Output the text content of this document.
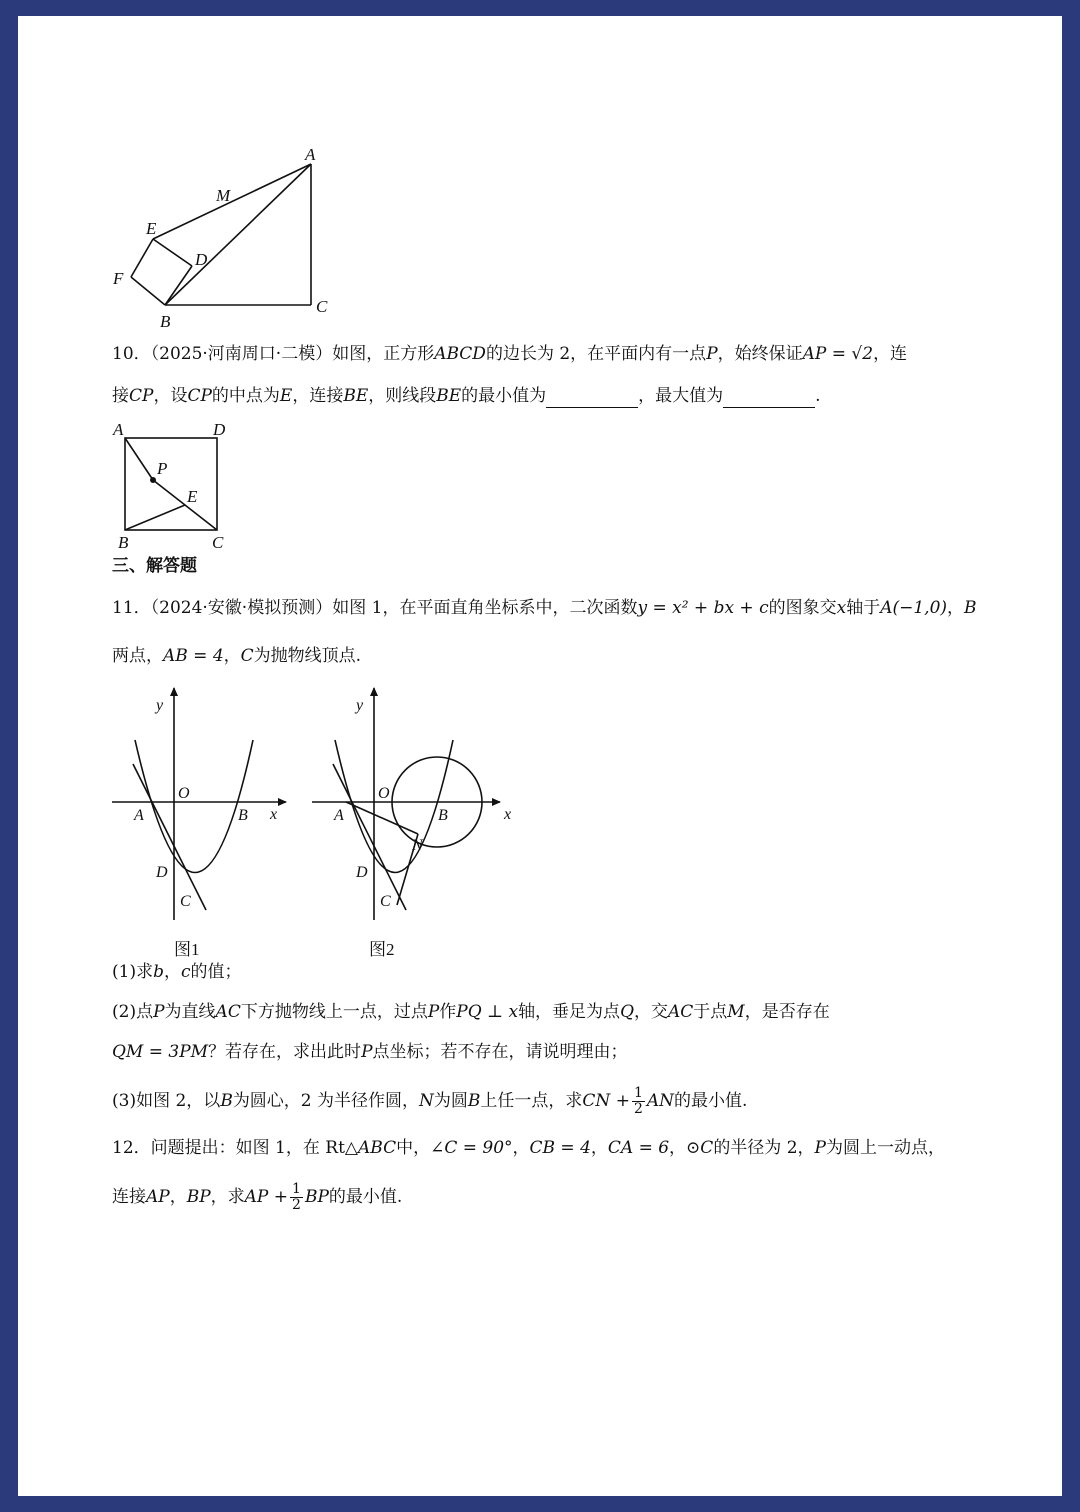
A
M
E
D
F
B
C
10．（2025·河南周口·二模）如图，正方形ABCD的边长为 2，在平面内有一点P，始终保证AP = √2，连
接CP，设CP的中点为E，连接BE，则线段BE的最小值为	，最大值为	.
A	D
P
E
B	C
三、解答题
11．（2024·安徽·模拟预测）如图 1，在平面直角坐标系中，二次函数y = x² + bx + c的图象交x轴于A(−1,0)，B
两点，AB = 4，C为抛物线顶点.
y
x
O
A	B
D
C
图1
y
x
O
A	B
N
D
C
图2
(1)求b，c的值；
(2)点P为直线AC下方抛物线上一点，过点P作PQ ⊥ x轴，垂足为点Q，交AC于点M，是否存在
QM = 3PM？若存在，求出此时P点坐标；若不存在，请说明理由；
(3)如图 2，以B为圆心，2 为半径作圆，N为圆B上任一点，求CN + $\frac{1}{2}$ AN的最小值.
12．问题提出：如图 1，在 Rt△ABC中，∠C = 90°，CB = 4，CA = 6，⊙C的半径为 2，P为圆上一动点，
连接AP，BP，求AP + $\frac{1}{2}$ BP的最小值.
